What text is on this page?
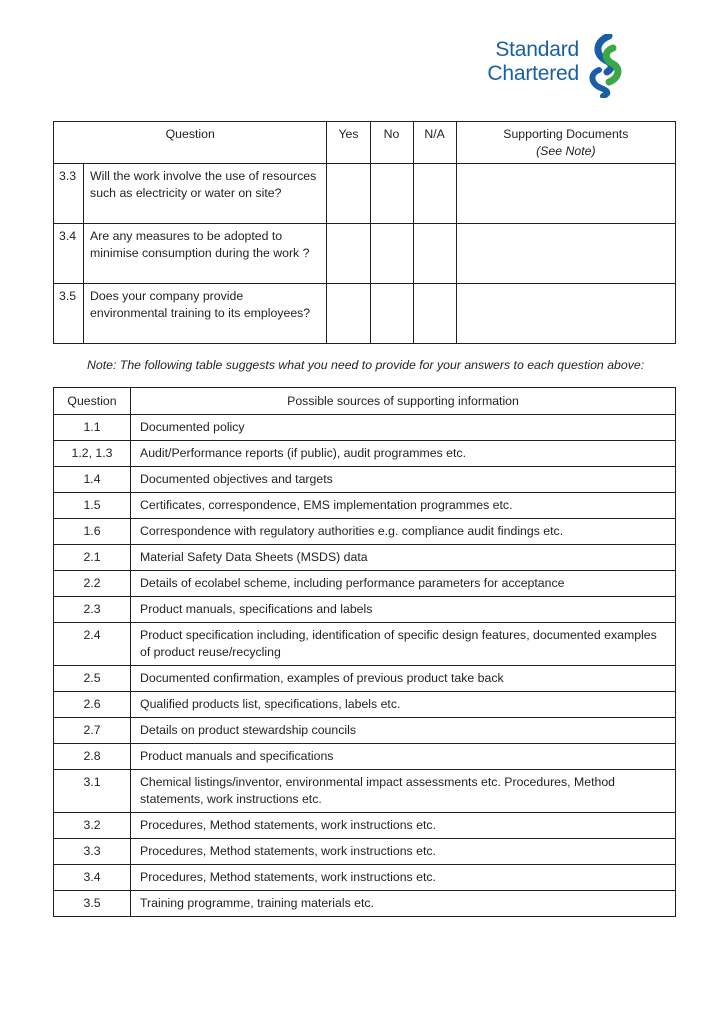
Standard
Chartered
Question		Yes	No	N/A	Supporting Documents
(See Note)

3.3	Will the work involve the use of resources such as electricity or water on site?				
3.4	Are any measures to be adopted to minimise consumption during the work ?				
3.5	Does your company provide environmental training to its employees?				
Note: The following table suggests what you need to provide for your answers to each question above:
Question	Possible sources of supporting information
1.1	Documented policy
1.2, 1.3	Audit/Performance reports (if public), audit programmes etc.
1.4	Documented objectives and targets
1.5	Certificates, correspondence, EMS implementation programmes etc.
1.6	Correspondence with regulatory authorities e.g. compliance audit findings etc.
2.1	Material Safety Data Sheets (MSDS) data
2.2	Details of ecolabel scheme, including performance parameters for acceptance
2.3	Product manuals, specifications and labels
2.4	Product specification including, identification of specific design features, documented examples of product reuse/recycling
2.5	Documented confirmation, examples of previous product take back
2.6	Qualified products list, specifications, labels etc.
2.7	Details on product stewardship councils
2.8	Product manuals and specifications
3.1	Chemical listings/inventor, environmental impact assessments etc. Procedures, Method statements, work instructions etc.
3.2	Procedures, Method statements, work instructions etc.
3.3	Procedures, Method statements, work instructions etc.
3.4	Procedures, Method statements, work instructions etc.
3.5	Training programme, training materials etc.
